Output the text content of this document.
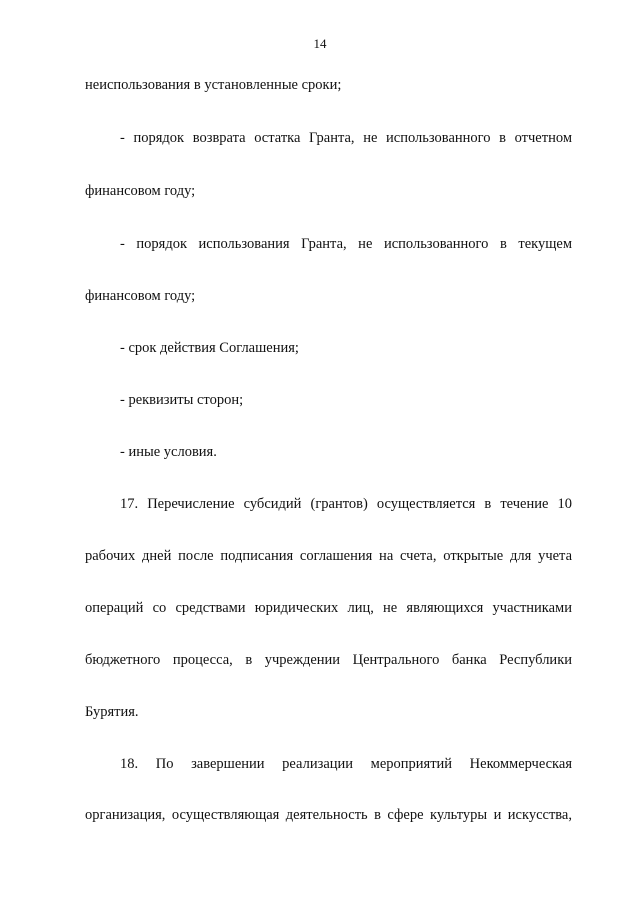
14
неиспользования в установленные сроки;
- порядок возврата остатка Гранта, не использованного в отчетном
финансовом году;
- порядок использования Гранта, не использованного в текущем
финансовом году;
- срок действия Соглашения;
- реквизиты сторон;
- иные условия.
17. Перечисление субсидий (грантов) осуществляется в течение 10
рабочих дней после подписания соглашения на счета, открытые для учета
операций со средствами юридических лиц, не являющихся участниками
бюджетного процесса, в учреждении Центрального банка Республики
Бурятия.
18. По завершении реализации мероприятий Некоммерческая
организация, осуществляющая деятельность в сфере культуры и искусства,
